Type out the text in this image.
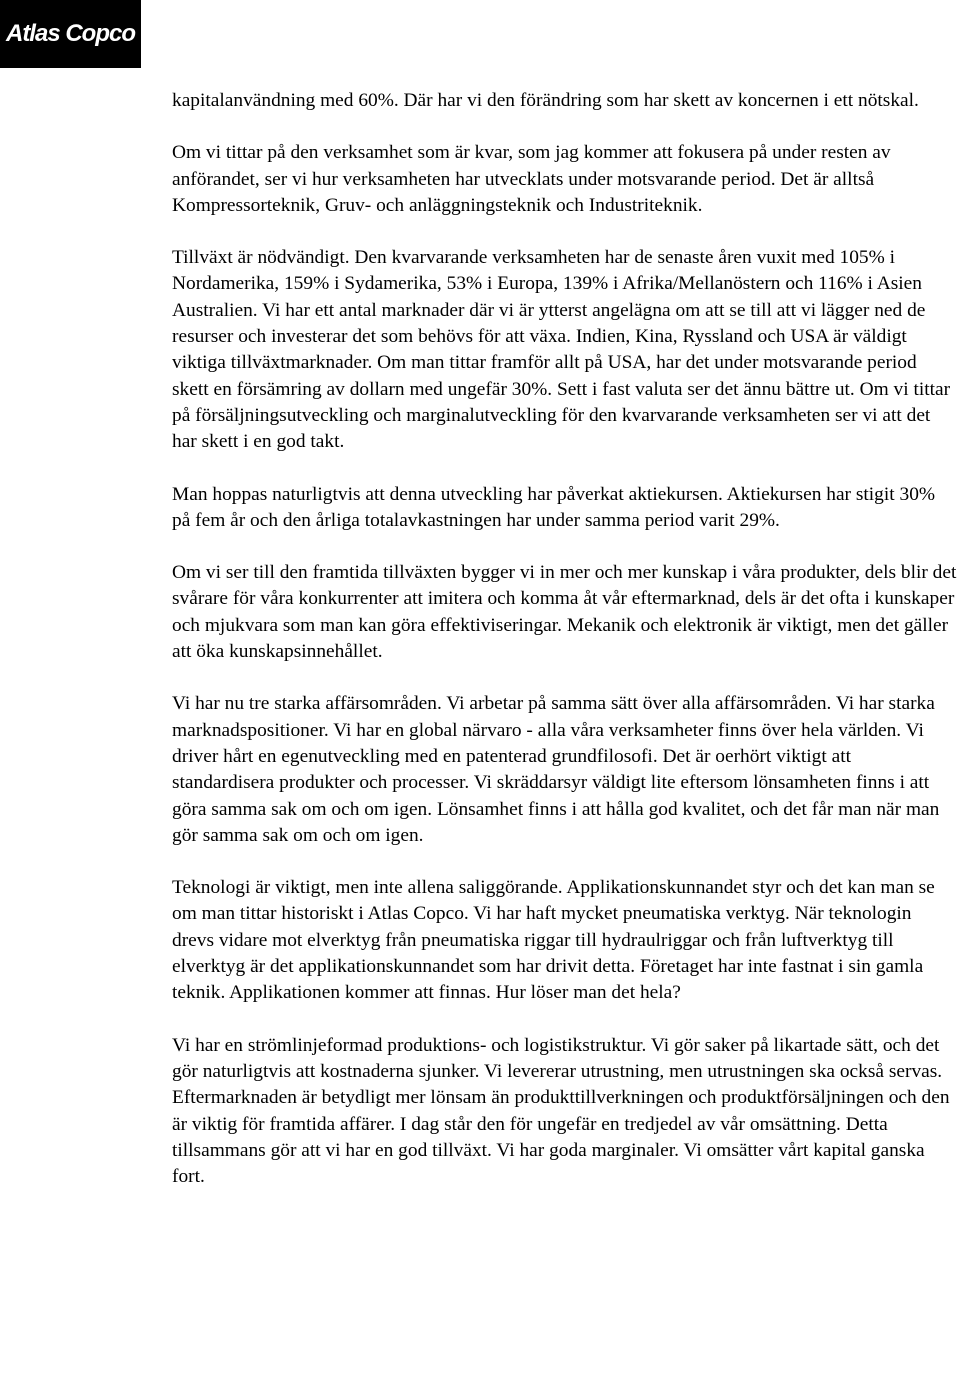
Atlas Copco

kapitalanvändning med 60%. Där har vi den förändring som har skett av koncernen i ett nötskal.

Om vi tittar på den verksamhet som är kvar, som jag kommer att fokusera på under resten av anförandet, ser vi hur verksamheten har utvecklats under motsvarande period. Det är alltså Kompressorteknik, Gruv- och anläggningsteknik och Industriteknik.

Tillväxt är nödvändigt. Den kvarvarande verksamheten har de senaste åren vuxit med 105% i Nordamerika, 159% i Sydamerika, 53% i Europa, 139% i Afrika/Mellanöstern och 116% i Asien Australien. Vi har ett antal marknader där vi är ytterst angelägna om att se till att vi lägger ned de resurser och investerar det som behövs för att växa. Indien, Kina, Ryssland och USA är väldigt viktiga tillväxtmarknader. Om man tittar framför allt på USA, har det under motsvarande period skett en försämring av dollarn med ungefär 30%. Sett i fast valuta ser det ännu bättre ut. Om vi tittar på försäljningsutveckling och marginalutveckling för den kvarvarande verksamheten ser vi att det har skett i en god takt.

Man hoppas naturligtvis att denna utveckling har påverkat aktiekursen. Aktiekursen har stigit 30% på fem år och den årliga totalavkastningen har under samma period varit 29%.

Om vi ser till den framtida tillväxten bygger vi in mer och mer kunskap i våra produkter, dels blir det svårare för våra konkurrenter att imitera och komma åt vår eftermarknad, dels är det ofta i kunskaper och mjukvara som man kan göra effektiviseringar. Mekanik och elektronik är viktigt, men det gäller att öka kunskapsinnehållet.

Vi har nu tre starka affärsområden. Vi arbetar på samma sätt över alla affärsområden. Vi har starka marknadspositioner. Vi har en global närvaro - alla våra verksamheter finns över hela världen. Vi driver hårt en egenutveckling med en patenterad grundfilosofi. Det är oerhört viktigt att standardisera produkter och processer. Vi skräddarsyr väldigt lite eftersom lönsamheten finns i att göra samma sak om och om igen. Lönsamhet finns i att hålla god kvalitet, och det får man när man gör samma sak om och om igen.

Teknologi är viktigt, men inte allena saliggörande. Applikationskunnandet styr och det kan man se om man tittar historiskt i Atlas Copco. Vi har haft mycket pneumatiska verktyg. När teknologin drevs vidare mot elverktyg från pneumatiska riggar till hydraulriggar och från luftverktyg till elverktyg är det applikationskunnandet som har drivit detta. Företaget har inte fastnat i sin gamla teknik. Applikationen kommer att finnas. Hur löser man det hela?

Vi har en strömlinjeformad produktions- och logistikstruktur. Vi gör saker på likartade sätt, och det gör naturligtvis att kostnaderna sjunker. Vi levererar utrustning, men utrustningen ska också servas. Eftermarknaden är betydligt mer lönsam än produkttillverkningen och produktförsäljningen och den är viktig för framtida affärer. I dag står den för ungefär en tredjedel av vår omsättning. Detta tillsammans gör att vi har en god tillväxt. Vi har goda marginaler. Vi omsätter vårt kapital ganska fort.
